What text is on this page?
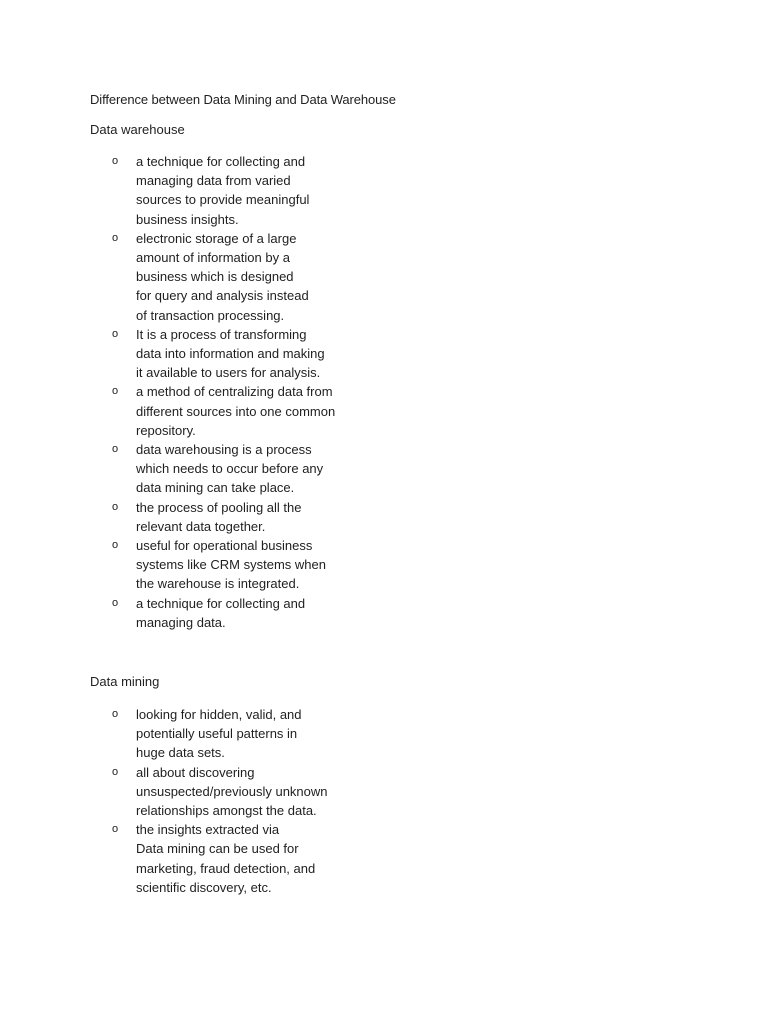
Difference between Data Mining and Data Warehouse
Data warehouse
o a technique for collecting and
managing data from varied
sources to provide meaningful
business insights.
o electronic storage of a large
amount of information by a
business which is designed
for query and analysis instead
of transaction processing.
o It is a process of transforming
data into information and making
it available to users for analysis.
o a method of centralizing data from
different sources into one common
repository.
o data warehousing is a process
which needs to occur before any
data mining can take place.
o the process of pooling all the
relevant data together.
o useful for operational business
systems like CRM systems when
the warehouse is integrated.
o a technique for collecting and
managing data.
Data mining
o looking for hidden, valid, and
potentially useful patterns in
huge data sets.
o all about discovering
unsuspected/previously unknown
relationships amongst the data.
o the insights extracted via
Data mining can be used for
marketing, fraud detection, and
scientific discovery, etc.
